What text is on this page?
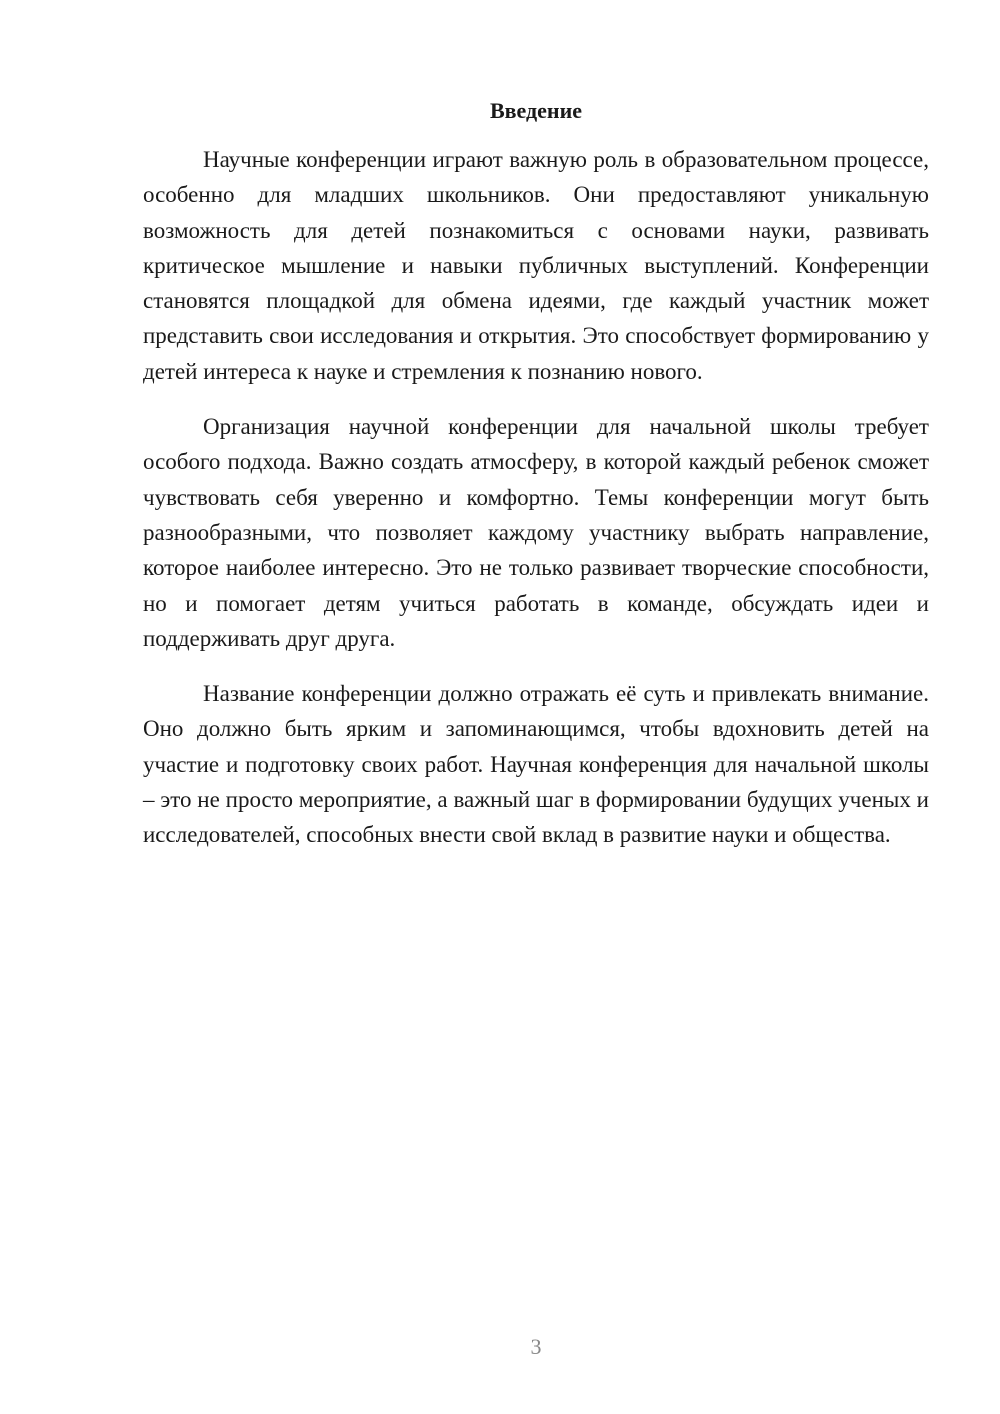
Введение

Научные конференции играют важную роль в образовательном процессе, особенно для младших школьников. Они предоставляют уникальную возможность для детей познакомиться с основами науки, развивать критическое мышление и навыки публичных выступлений. Конференции становятся площадкой для обмена идеями, где каждый участник может представить свои исследования и открытия. Это способствует формированию у детей интереса к науке и стремления к познанию нового.

Организация научной конференции для начальной школы требует особого подхода. Важно создать атмосферу, в которой каждый ребенок сможет чувствовать себя уверенно и комфортно. Темы конференции могут быть разнообразными, что позволяет каждому участнику выбрать направление, которое наиболее интересно. Это не только развивает творческие способности, но и помогает детям учиться работать в команде, обсуждать идеи и поддерживать друг друга.

Название конференции должно отражать её суть и привлекать внимание. Оно должно быть ярким и запоминающимся, чтобы вдохновить детей на участие и подготовку своих работ. Научная конференция для начальной школы – это не просто мероприятие, а важный шаг в формировании будущих ученых и исследователей, способных внести свой вклад в развитие науки и общества.

3
